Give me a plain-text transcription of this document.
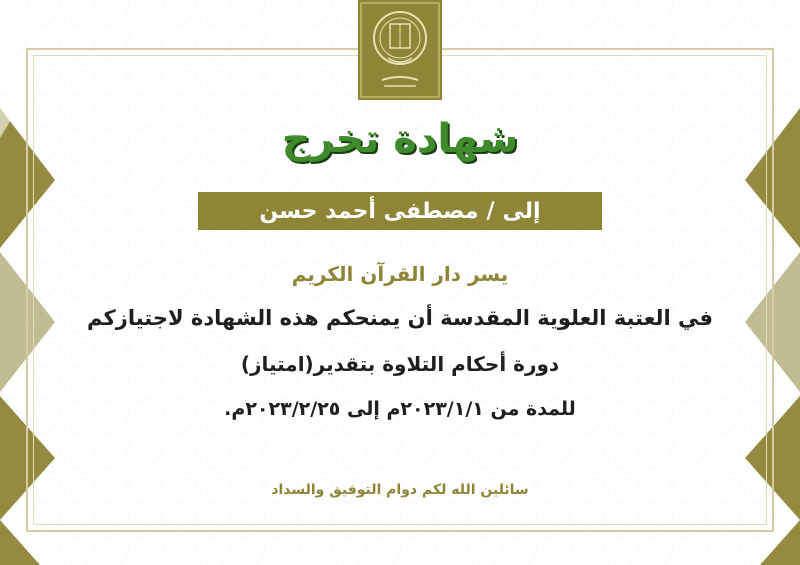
شهادة تخرج
إلى
/
مصطفى أحمد حسن
يسر دار القرآن الكريم
في العتبة العلوية المقدسة أن يمنحكم هذه الشهادة لاجتيازكم
دورة أحكام التلاوة بتقدير(امتياز)
للمدة من ٢٠٢٣/١/١م إلى ٢٠٢٣/٢/٢٥م.
سائلين الله لكم دوام التوفيق والسداد
